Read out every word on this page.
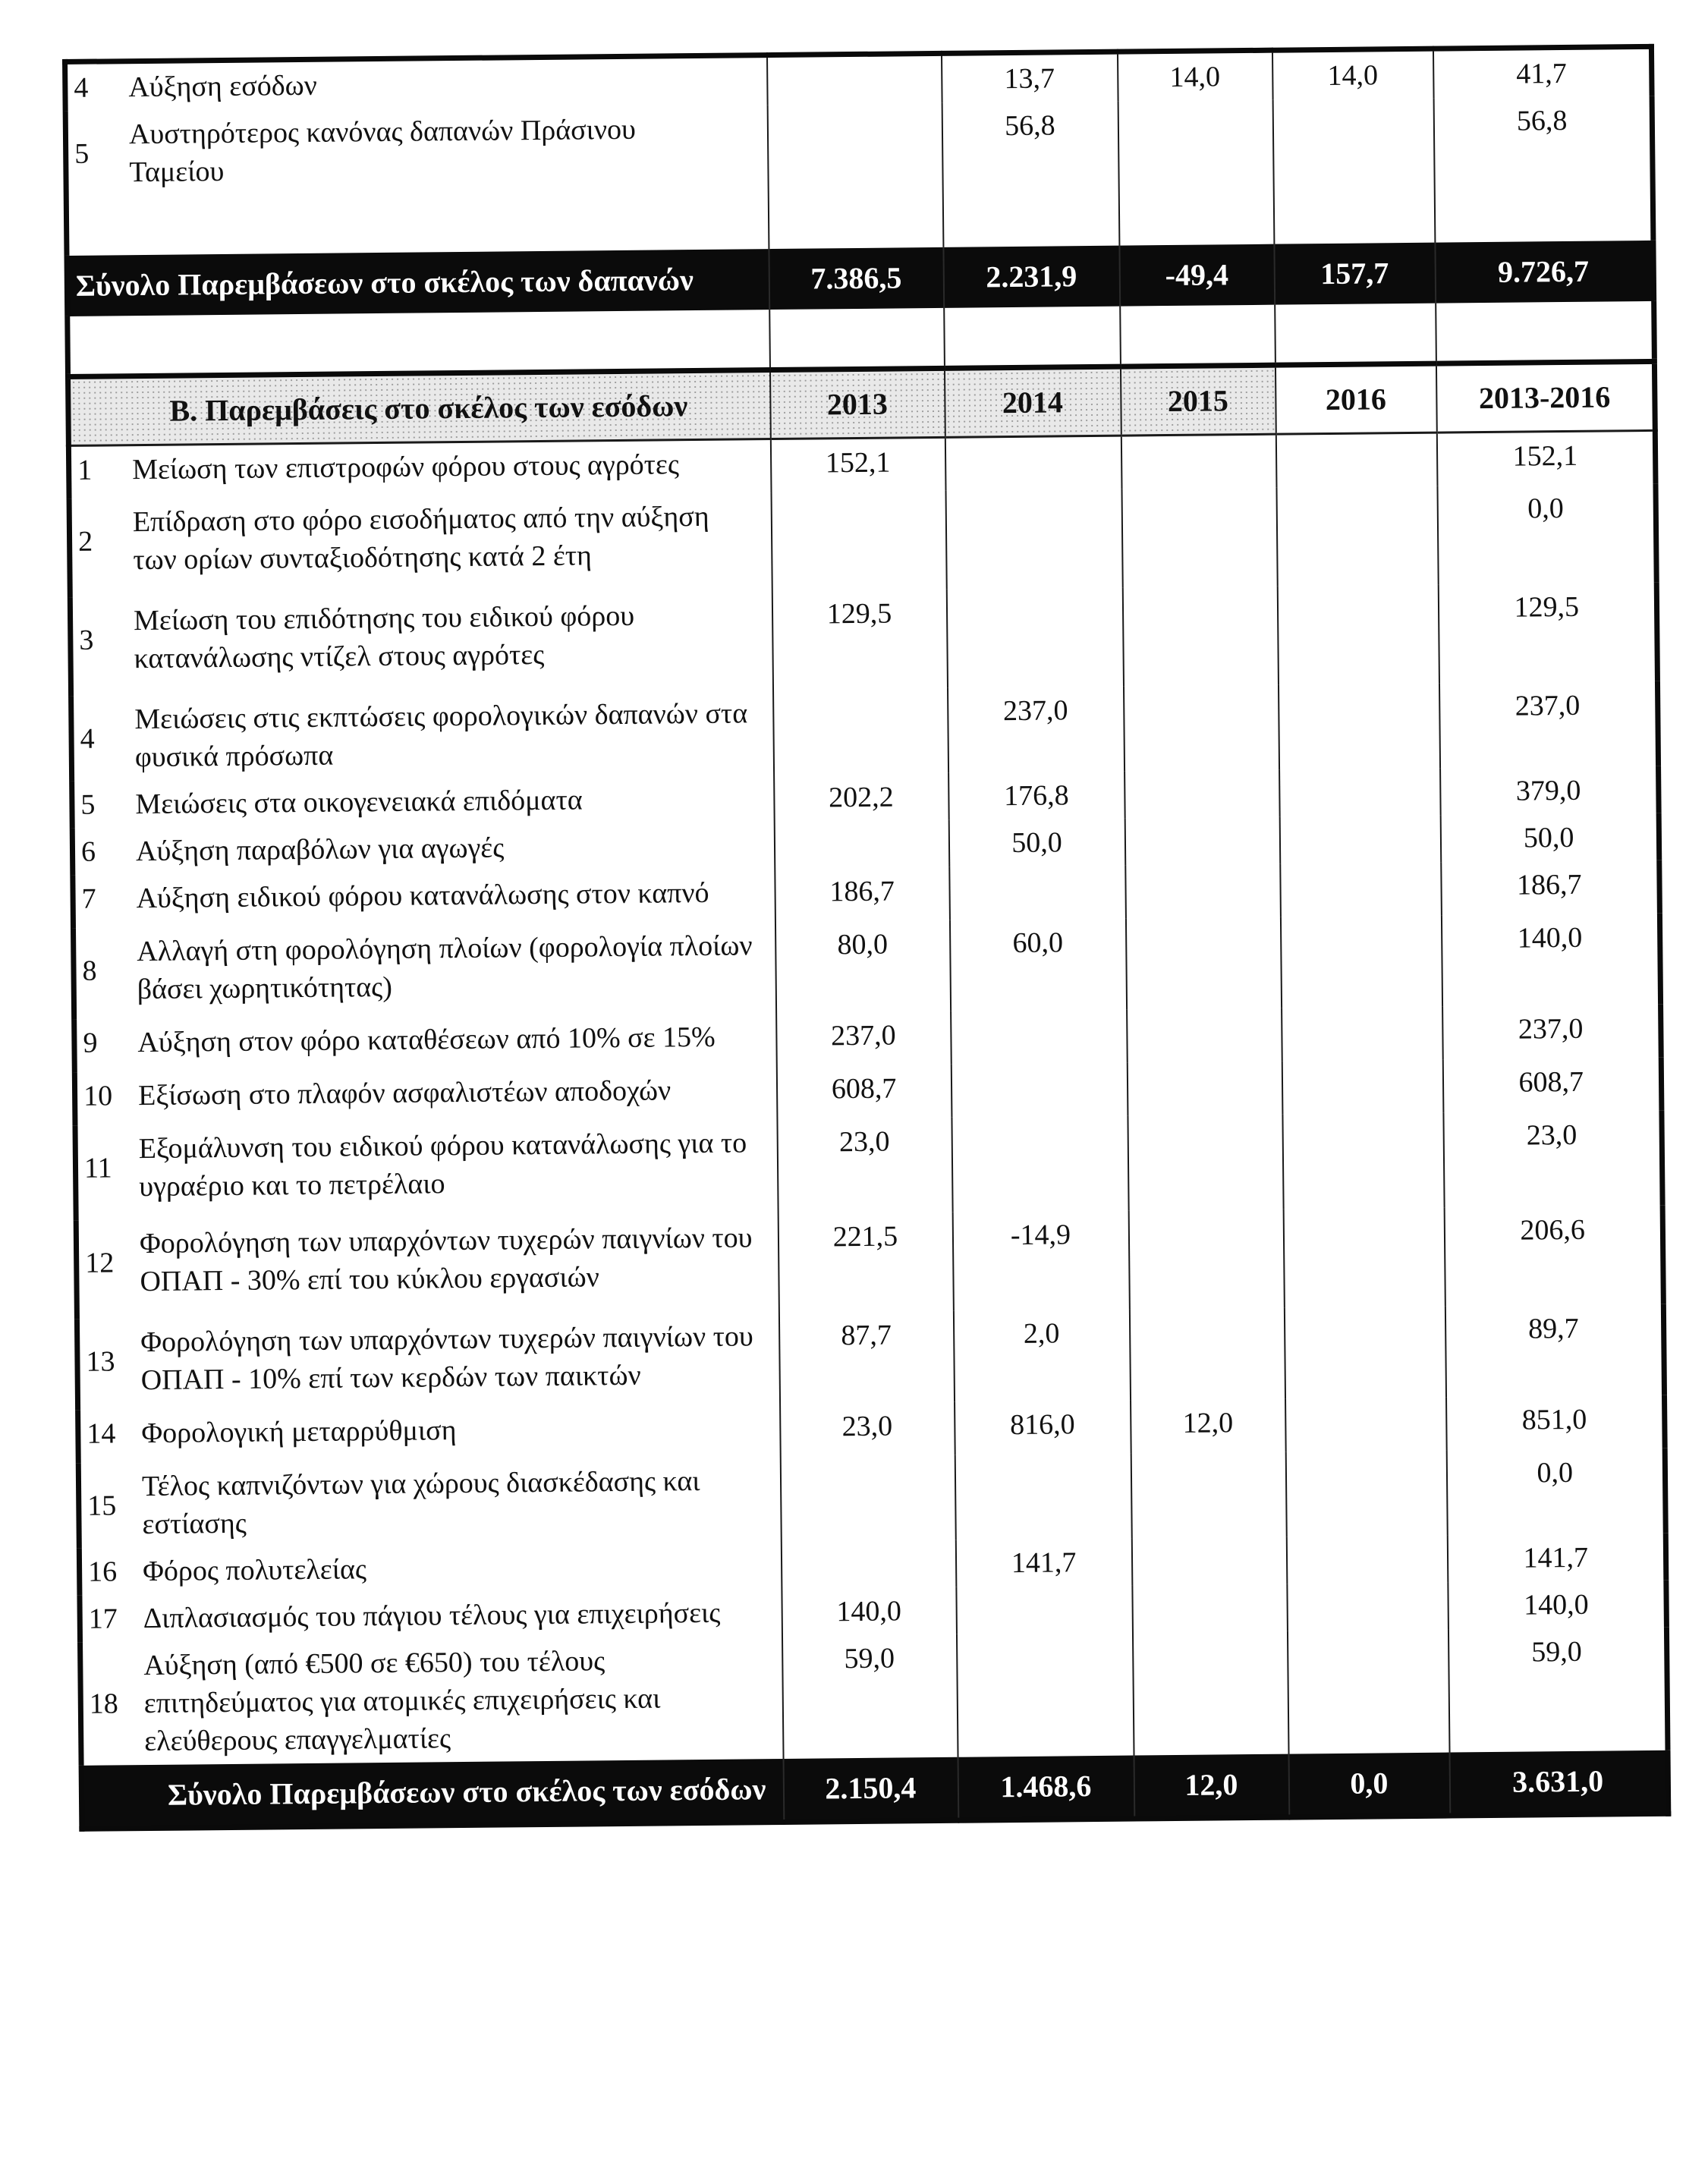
4 Αύξηση εσόδων		13,7	14,0	14,0	41,7

5
Αυστηρότερος κανόνας δαπανών Πράσινου Ταμείου		56,8			56,8
Σύνολο Παρεμβάσεων στο σκέλος των δαπανών	7.386,5	2.231,9	-49,4	157,7	9.726,7

Β. Παρεμβάσεις στο σκέλος των εσόδων	2013	2014	2015	2016	2013-2016

1 Μείωση των επιστροφών φόρου στους αγρότες	152,1				152,1

2
Επίδραση στο φόρο εισοδήματος από την αύξηση των ορίων συνταξιοδότησης κατά 2 έτη					0,0

3
Μείωση του επιδότησης του ειδικού φόρου κατανάλωσης ντίζελ στους αγρότες	129,5				129,5

4
Μειώσεις στις εκπτώσεις φορολογικών δαπανών στα φυσικά πρόσωπα		237,0			237,0

5 Μειώσεις στα οικογενειακά επιδόματα	202,2	176,8			379,0

6 Αύξηση παραβόλων για αγωγές		50,0			50,0

7 Αύξηση ειδικού φόρου κατανάλωσης στον καπνό	186,7				186,7

8
Αλλαγή στη φορολόγηση πλοίων (φορολογία πλοίων βάσει χωρητικότητας)	80,0	60,0			140,0

9 Αύξηση στον φόρο καταθέσεων από 10% σε 15%	237,0				237,0

10 Εξίσωση στο πλαφόν ασφαλιστέων αποδοχών	608,7				608,7

11
Εξομάλυνση του ειδικού φόρου κατανάλωσης για το υγραέριο και το πετρέλαιο	23,0				23,0

12
Φορολόγηση των υπαρχόντων τυχερών παιγνίων του ΟΠΑΠ - 30% επί του κύκλου εργασιών	221,5	-14,9			206,6

13
Φορολόγηση των υπαρχόντων τυχερών παιγνίων του ΟΠΑΠ - 10% επί των κερδών των παικτών	87,7	2,0			89,7

14 Φορολογική μεταρρύθμιση	23,0	816,0	12,0		851,0

15
Τέλος καπνιζόντων για χώρους διασκέδασης και εστίασης					0,0

16 Φόρος πολυτελείας		141,7			141,7

17 Διπλασιασμός του πάγιου τέλους για επιχειρήσεις	140,0				140,0

18
Αύξηση (από €500 σε €650) του τέλους επιτηδεύματος για ατομικές επιχειρήσεις και ελεύθερους επαγγελματίες	59,0				59,0
Σύνολο Παρεμβάσεων στο σκέλος των εσόδων	2.150,4	1.468,6	12,0	0,0	3.631,0
